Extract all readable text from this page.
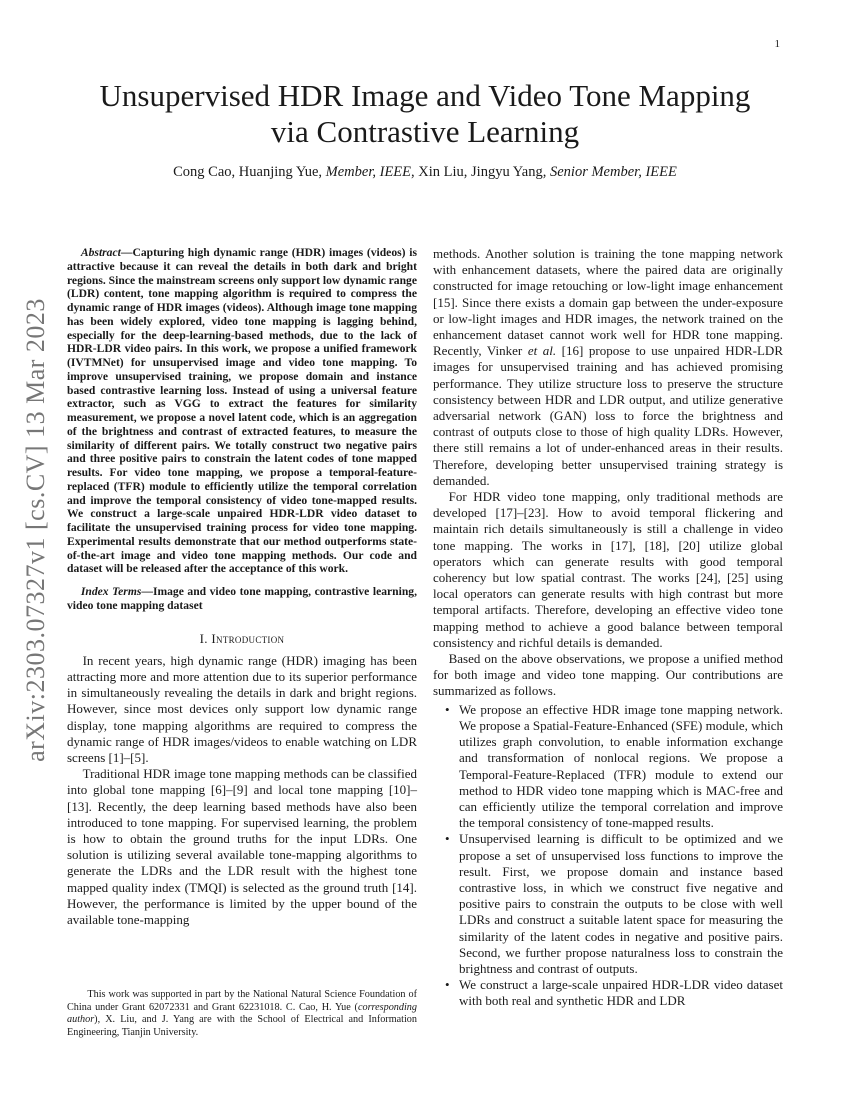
1
arXiv:2303.07327v1 [cs.CV] 13 Mar 2023
Unsupervised HDR Image and Video Tone Mapping
via Contrastive Learning
Cong Cao, Huanjing Yue, Member, IEEE, Xin Liu, Jingyu Yang, Senior Member, IEEE

Abstract—Capturing high dynamic range (HDR) images (videos) is attractive because it can reveal the details in both dark and bright regions. Since the mainstream screens only support low dynamic range (LDR) content, tone mapping algorithm is required to compress the dynamic range of HDR images (videos). Although image tone mapping has been widely explored, video tone mapping is lagging behind, especially for the deep-learning-based methods, due to the lack of HDR-LDR video pairs. In this work, we propose a unified framework (IVTMNet) for unsupervised image and video tone mapping. To improve unsupervised training, we propose domain and instance based contrastive learning loss. Instead of using a universal feature extractor, such as VGG to extract the features for similarity measurement, we propose a novel latent code, which is an aggregation of the brightness and contrast of extracted features, to measure the similarity of different pairs. We totally construct two negative pairs and three positive pairs to constrain the latent codes of tone mapped results. For video tone mapping, we propose a temporal-feature-replaced (TFR) module to efficiently utilize the temporal correlation and improve the temporal consistency of video tone-mapped results. We construct a large-scale unpaired HDR-LDR video dataset to facilitate the unsupervised training process for video tone mapping. Experimental results demonstrate that our method outperforms state-of-the-art image and video tone mapping methods. Our code and dataset will be released after the acceptance of this work.

Index Terms—Image and video tone mapping, contrastive learning, video tone mapping dataset

I. Introduction

In recent years, high dynamic range (HDR) imaging has been attracting more and more attention due to its superior performance in simultaneously revealing the details in dark and bright regions. However, since most devices only support low dynamic range display, tone mapping algorithms are required to compress the dynamic range of HDR images/videos to enable watching on LDR screens [1]–[5].

Traditional HDR image tone mapping methods can be classified into global tone mapping [6]–[9] and local tone mapping [10]–[13]. Recently, the deep learning based methods have also been introduced to tone mapping. For supervised learning, the problem is how to obtain the ground truths for the input LDRs. One solution is utilizing several available tone-mapping algorithms to generate the LDRs and the LDR result with the highest tone mapped quality index (TMQI) is selected as the ground truth [14]. However, the performance is limited by the upper bound of the available tone-mapping

methods. Another solution is training the tone mapping network with enhancement datasets, where the paired data are originally constructed for image retouching or low-light image enhancement [15]. Since there exists a domain gap between the under-exposure or low-light images and HDR images, the network trained on the enhancement dataset cannot work well for HDR tone mapping. Recently, Vinker et al. [16] propose to use unpaired HDR-LDR images for unsupervised training and has achieved promising performance. They utilize structure loss to preserve the structure consistency between HDR and LDR output, and utilize generative adversarial network (GAN) loss to force the brightness and contrast of outputs close to those of high quality LDRs. However, there still remains a lot of under-enhanced areas in their results. Therefore, developing better unsupervised training strategy is demanded.

For HDR video tone mapping, only traditional methods are developed [17]–[23]. How to avoid temporal flickering and maintain rich details simultaneously is still a challenge in video tone mapping. The works in [17], [18], [20] utilize global operators which can generate results with good temporal coherency but low spatial contrast. The works [24], [25] using local operators can generate results with high contrast but more temporal artifacts. Therefore, developing an effective video tone mapping method to achieve a good balance between temporal consistency and richful details is demanded.

Based on the above observations, we propose a unified method for both image and video tone mapping. Our contributions are summarized as follows.

• We propose an effective HDR image tone mapping network. We propose a Spatial-Feature-Enhanced (SFE) module, which utilizes graph convolution, to enable information exchange and transformation of nonlocal regions. We propose a Temporal-Feature-Replaced (TFR) module to extend our method to HDR video tone mapping which is MAC-free and can efficiently utilize the temporal correlation and improve the temporal consistency of tone-mapped results.
• Unsupervised learning is difficult to be optimized and we propose a set of unsupervised loss functions to improve the result. First, we propose domain and instance based contrastive loss, in which we construct five negative and positive pairs to constrain the outputs to be close with well LDRs and construct a suitable latent space for measuring the similarity of the latent codes in negative and positive pairs. Second, we further propose naturalness loss to constrain the brightness and contrast of outputs.
• We construct a large-scale unpaired HDR-LDR video dataset with both real and synthetic HDR and LDR

This work was supported in part by the National Natural Science Foundation of China under Grant 62072331 and Grant 62231018. C. Cao, H. Yue (corresponding author), X. Liu, and J. Yang are with the School of Electrical and Information Engineering, Tianjin University.
